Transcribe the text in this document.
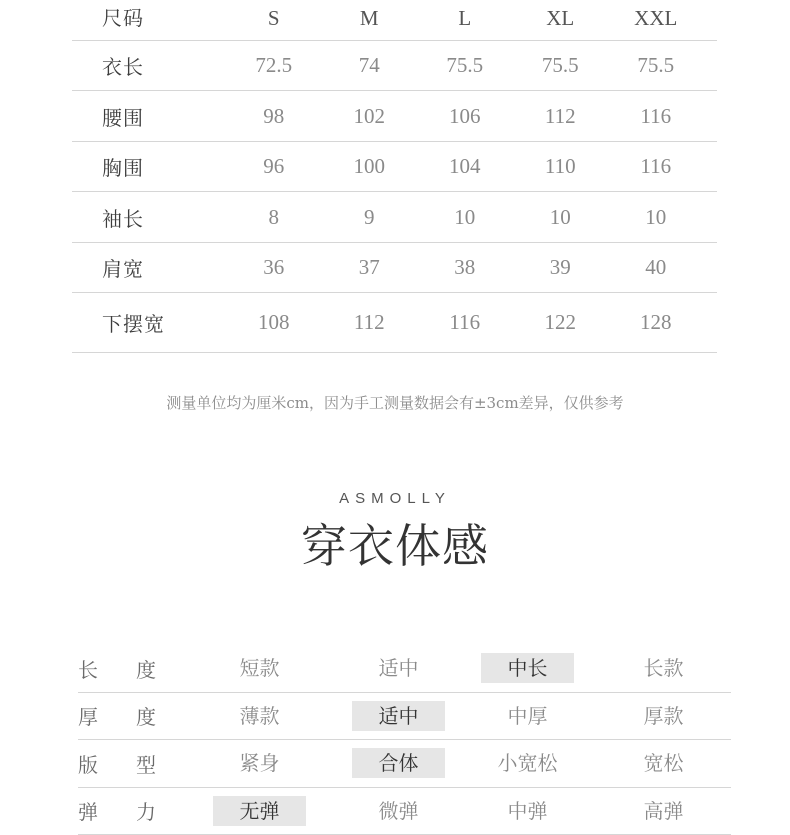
尺码	S	M	L	XL	XXL
衣长	72.5	74	75.5	75.5	75.5
腰围	98	102	106	112	116
胸围	96	100	104	110	116
袖长	8	9	10	10	10
肩宽	36	37	38	39	40
下摆宽	108	112	116	122	128
测量单位均为厘米cm，因为手工测量数据会有±3cm差异，仅供参考
ASMOLLY
穿衣体感
长 度	短款	适中	中长	长款
厚 度	薄款	适中	中厚	厚款
版 型	紧身	合体	小宽松	宽松
弹 力	无弹	微弹	中弹	高弹
